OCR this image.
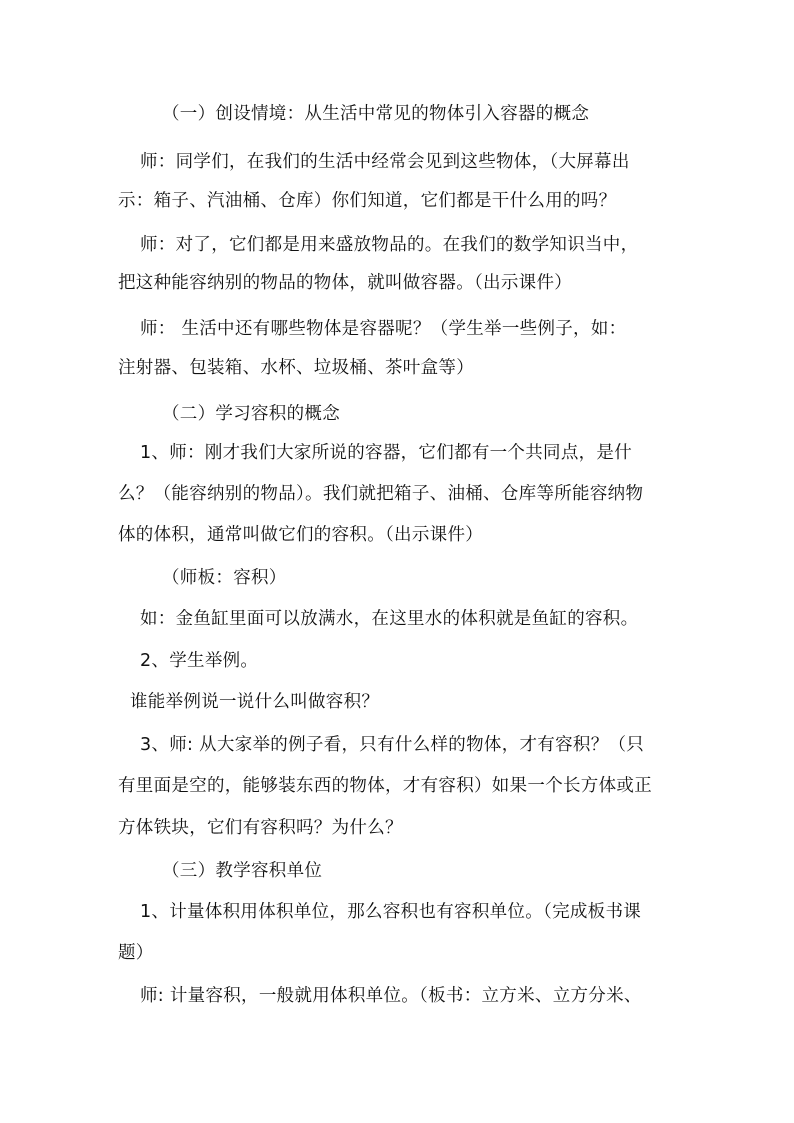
（一）创设情境：从生活中常见的物体引入容器的概念
师：同学们，在我们的生活中经常会见到这些物体，（大屏幕出
示：箱子、汽油桶、仓库）你们知道，它们都是干什么用的吗？
师：对了，它们都是用来盛放物品的。在我们的数学知识当中，
把这种能容纳别的物品的物体，就叫做容器。（出示课件）
师： 生活中还有哪些物体是容器呢？（学生举一些例子，如：
注射器、包装箱、水杯、垃圾桶、茶叶盒等）
（二）学习容积的概念
1、师：刚才我们大家所说的容器，它们都有一个共同点，是什
么？（能容纳别的物品）。我们就把箱子、油桶、仓库等所能容纳物
体的体积，通常叫做它们的容积。（出示课件）
（师板：容积）
如：金鱼缸里面可以放满水，在这里水的体积就是鱼缸的容积。
2、学生举例。
谁能举例说一说什么叫做容积？
3、师: 从大家举的例子看，只有什么样的物体，才有容积？（只
有里面是空的，能够装东西的物体，才有容积）如果一个长方体或正
方体铁块，它们有容积吗？为什么？
（三）教学容积单位
1、计量体积用体积单位，那么容积也有容积单位。（完成板书课
题）
师: 计量容积，一般就用体积单位。（板书：立方米、立方分米、
